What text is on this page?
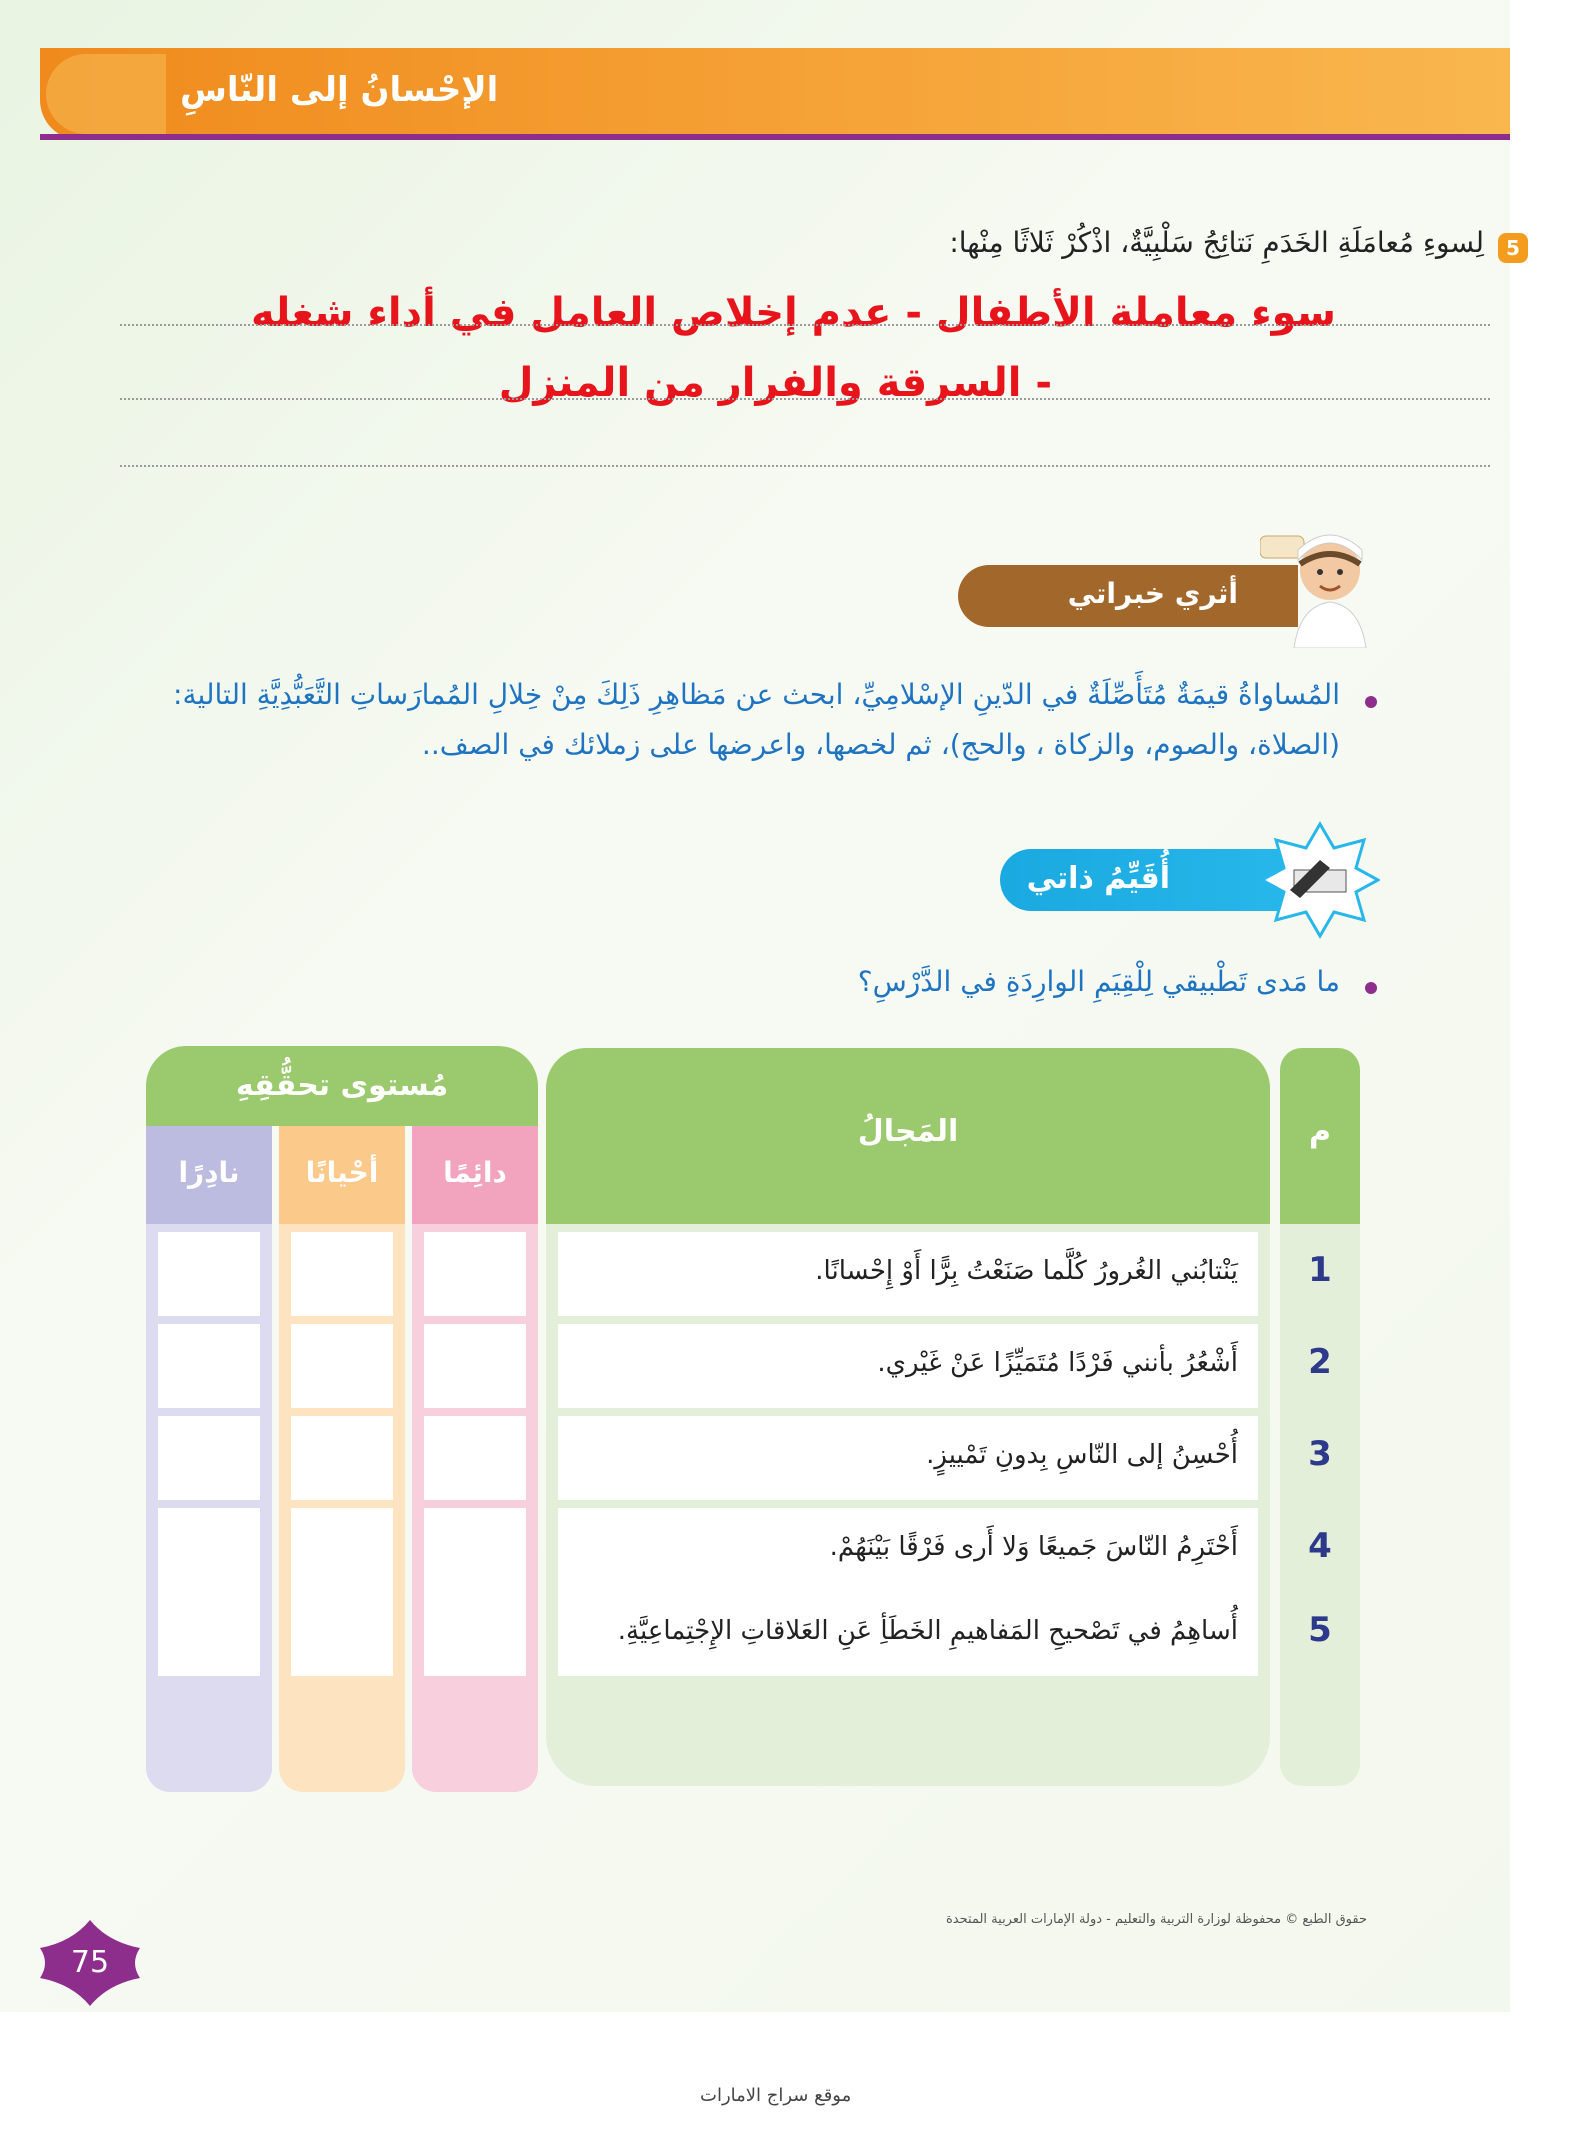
الإحْسانُ إلى النّاسِ
5
لِسوءِ مُعامَلَةِ الخَدَمِ نَتائِجُ سَلْبِيَّةٌ، اذْكُرْ ثَلاثًا مِنْها:
سوء معاملة الأطفال - عدم إخلاص العامل في أداء شغله
- السرقة والفرار من المنزل
أثري خبراتي
المُساواةُ قيمَةٌ مُتَأَصِّلَةٌ في الدّينِ الإسْلامِيِّ، ابحث عن مَظاهِرِ ذَلِكَ مِنْ خِلالِ المُمارَساتِ التَّعَبُّدِيَّةِ التالية:
(الصلاة، والصوم، والزكاة ، والحج)، ثم لخصها، واعرضها على زملائك في الصف..
أُقَيِّمُ ذاتي
ما مَدى تَطْبيقي لِلْقِيَمِ الوارِدَةِ في الدَّرْسِ؟
م
1
2
3
4
5
المَجالُ
يَنْتابُني الغُرورُ كُلَّما صَنَعْتُ بِرًّا أَوْ إِحْسانًا.
أَشْعُرُ بأنني فَرْدًا مُتَمَيِّزًا عَنْ غَيْري.
أُحْسِنُ إلى النّاسِ بِدونِ تَمْييزٍ.
أَحْتَرِمُ النّاسَ جَميعًا وَلا أَرى فَرْقًا بَيْنَهُمْ.
أُساهِمُ في تَصْحيحِ المَفاهيمِ الخَطَأِ عَنِ العَلاقاتِ الإِجْتِماعِيَّةِ.
مُستوى تحقُّقِهِ
دائِمًا
أحْيانًا
نادِرًا
حقوق الطبع © محفوظة لوزارة التربية والتعليم - دولة الإمارات العربية المتحدة
75
موقع سراج الامارات
